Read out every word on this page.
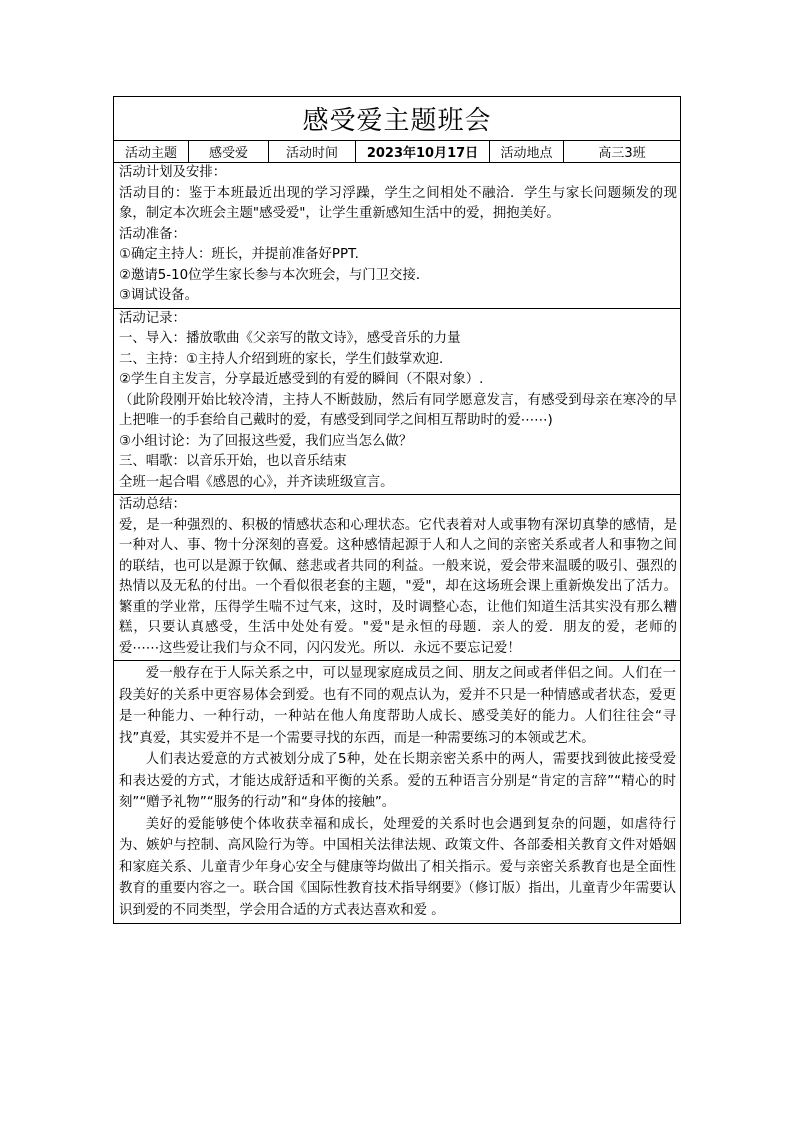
感受爱主题班会
活动主题	感受爱	活动时间	2023年10月17日	活动地点	高三3班

活动计划及安排：

活动目的：鉴于本班最近出现的学习浮躁，学生之间相处不融洽．学生与家长问题频发的现象，制定本次班会主题"感受爱"，让学生重新感知生活中的爱，拥抱美好。

活动准备：

①确定主持人：班长，并提前准备好PPT.

②邀请5-10位学生家长参与本次班会，与门卫交接．

③调试设备。

活动记录：

一、导入：播放歌曲《父亲写的散文诗》，感受音乐的力量

二、主持：①主持人介绍到班的家长，学生们鼓掌欢迎．

②学生自主发言，分享最近感受到的有爱的瞬间（不限对象）.

（此阶段刚开始比较冷清，主持人不断鼓励，然后有同学愿意发言，有感受到母亲在寒冷的早上把唯一的手套给自己戴时的爱，有感受到同学之间相互帮助时的爱⋯⋯)

③小组讨论：为了回报这些爱，我们应当怎么做？

三、唱歌：以音乐开始，也以音乐结束

全班一起合唱《感恩的心》，并齐读班级宣言。

活动总结：

爱，是一种强烈的、积极的情感状态和心理状态。它代表着对人或事物有深切真挚的感情，是一种对人、事、物十分深刻的喜爱。这种感情起源于人和人之间的亲密关系或者人和事物之间的联结，也可以是源于钦佩、慈悲或者共同的利益。一般来说，爱会带来温暖的吸引、强烈的热情以及无私的付出。一个看似很老套的主题，"爱"，却在这场班会课上重新焕发出了活力。繁重的学业常，压得学生喘不过气来，这时，及时调整心态，让他们知道生活其实没有那么糟糕，只要认真感受，生活中处处有爱。"爱"是永恒的母题．亲人的爱．朋友的爱，老师的爱⋯⋯这些爱让我们与众不同，闪闪发光。所以．永远不要忘记爱！

爱一般存在于人际关系之中，可以显现家庭成员之间、朋友之间或者伴侣之间。人们在一段美好的关系中更容易体会到爱。也有不同的观点认为，爱并不只是一种情感或者状态，爱更是一种能力、一种行动，一种站在他人角度帮助人成长、感受美好的能力。人们往往会“寻找”真爱，其实爱并不是一个需要寻找的东西，而是一种需要练习的本领或艺术。

人们表达爱意的方式被划分成了5种，处在长期亲密关系中的两人，需要找到彼此接受爱和表达爱的方式，才能达成舒适和平衡的关系。爱的五种语言分别是“肯定的言辞”“精心的时刻”“赠予礼物”“服务的行动”和“身体的接触”。

美好的爱能够使个体收获幸福和成长，处理爱的关系时也会遇到复杂的问题，如虐待行为、嫉妒与控制、高风险行为等。中国相关法律法规、政策文件、各部委相关教育文件对婚姻和家庭关系、儿童青少年身心安全与健康等均做出了相关指示。爱与亲密关系教育也是全面性教育的重要内容之一。联合国《国际性教育技术指导纲要》（修订版）指出，儿童青少年需要认识到爱的不同类型，学会用合适的方式表达喜欢和爱 。
